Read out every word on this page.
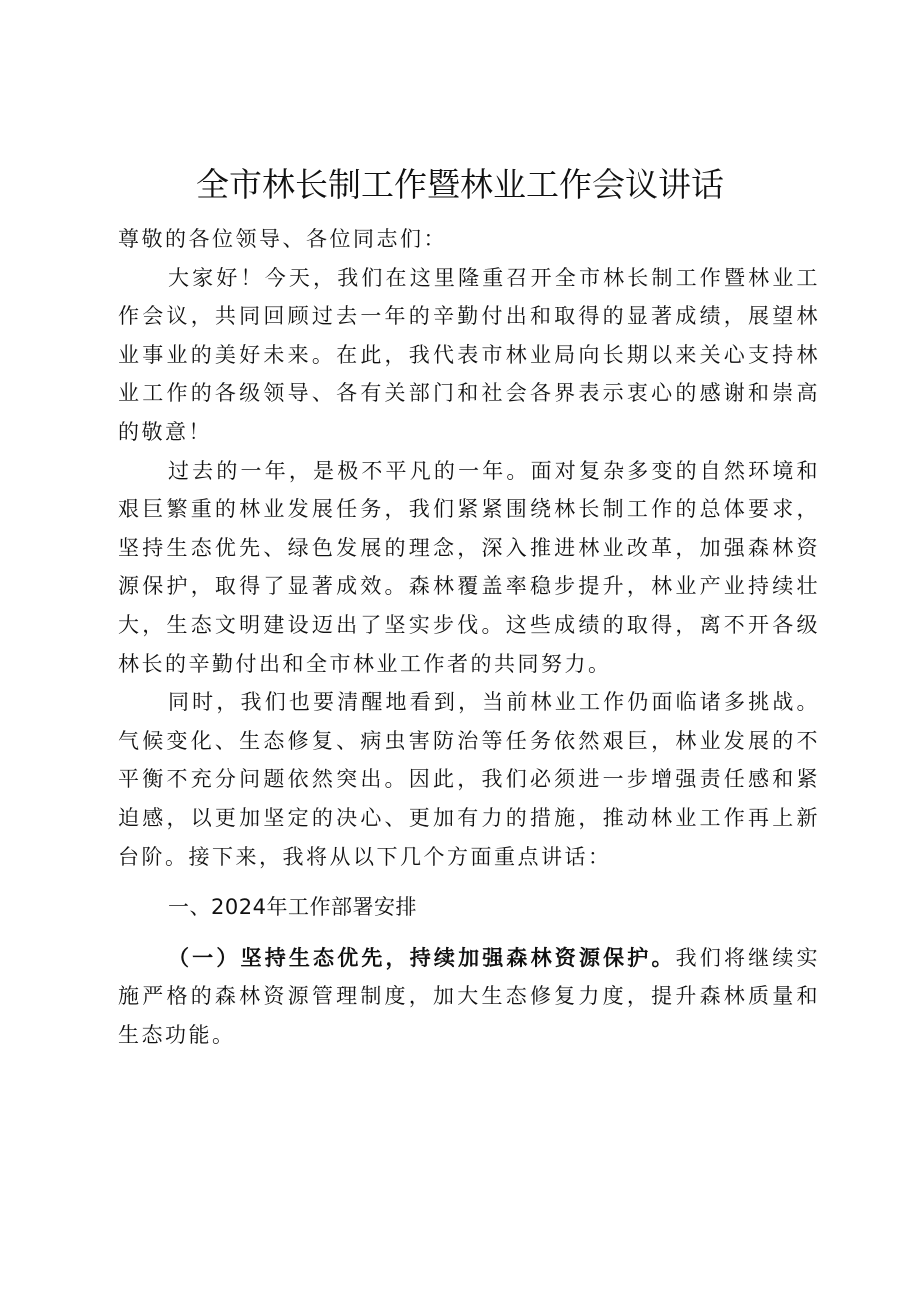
全市林长制工作暨林业工作会议讲话

尊敬的各位领导、各位同志们：

大家好！今天，我们在这里隆重召开全市林长制工作暨林业工作会议，共同回顾过去一年的辛勤付出和取得的显著成绩，展望林业事业的美好未来。在此，我代表市林业局向长期以来关心支持林业工作的各级领导、各有关部门和社会各界表示衷心的感谢和崇高的敬意！

过去的一年，是极不平凡的一年。面对复杂多变的自然环境和艰巨繁重的林业发展任务，我们紧紧围绕林长制工作的总体要求，坚持生态优先、绿色发展的理念，深入推进林业改革，加强森林资源保护，取得了显著成效。森林覆盖率稳步提升，林业产业持续壮大，生态文明建设迈出了坚实步伐。这些成绩的取得，离不开各级林长的辛勤付出和全市林业工作者的共同努力。

同时，我们也要清醒地看到，当前林业工作仍面临诸多挑战。气候变化、生态修复、病虫害防治等任务依然艰巨，林业发展的不平衡不充分问题依然突出。因此，我们必须进一步增强责任感和紧迫感，以更加坚定的决心、更加有力的措施，推动林业工作再上新台阶。接下来，我将从以下几个方面重点讲话：

一、2024年工作部署安排

（一）坚持生态优先，持续加强森林资源保护。我们将继续实施严格的森林资源管理制度，加大生态修复力度，提升森林质量和生态功能。
